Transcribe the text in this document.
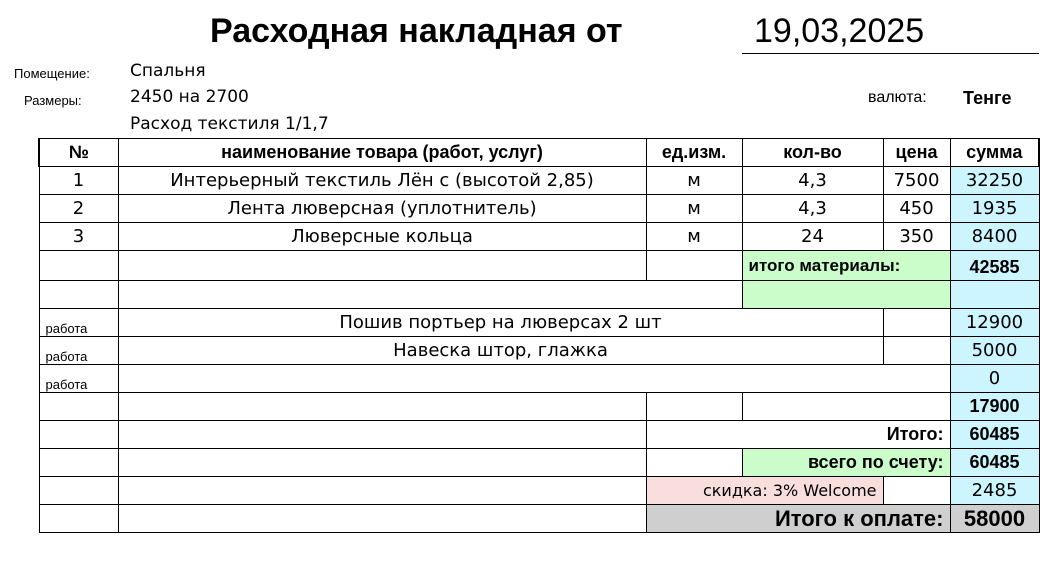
Расходная накладная от	19,03,2025
Помещение: Спальня
Размеры:	2450 на 2700
Расход текстиля 1/1,7
валюта: Тенге
№	наименование товара (работ, услуг)	ед.изм.	кол-во	цена	сумма
1	Интерьерный текстиль Лён с (высотой 2,85)	м	4,3	7500	32250
2	Лента люверсная (уплотнитель)	м	4,3	450	1935
3	Люверсные кольца	м	24	350	8400
			итого материалы:		42585

работа	Пошив портьер на люверсах 2 шт				12900
работа	Навеска штор, глажка				5000
работа					0
					17900
		Итого:			60485
			всего по счету:		60485
		скидка: 3% Welcome			2485
		Итого к оплате:			58000
